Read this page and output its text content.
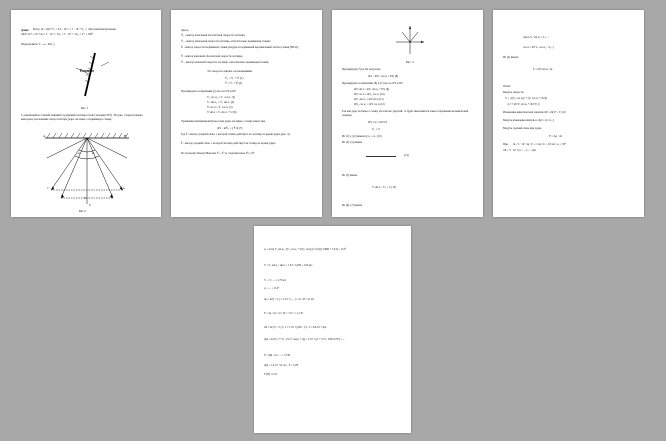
Дано: Растр, m = 5m* V₀ = 0,5 · 10⁻³ = 1 · 10⁻³ V₀ ; ; Эпц пометкиотдельные
ΔΕ/Σ, m* = 10⁻³ m = 5 · 10⁻³ ; Δv₀ = 5 · 10⁻³ ; Σν₀ = 2⁰' = 100⁰
Определить: С , ω , M ( )
Решение
Рис.1
С решающейся стенкой лишний соударений частицы стене (тележки 'БЭ') . На рис. 2 представлено векторное разложение скоростей при ударе частицы о подвижную стенку.
A	B
C
v	u
α	β
O
Рис.2
Здесь
V̄₀ - вектор начальной абсолютной скорости частицы;
V̄₁ - вектор начальной скорости частицы, относительно подвижной стенки;
Ū - вектор скорости подвижной стенки (модуль и подвижный вертикальный частиц стенки (НСО);
V̄ - вектор конечной абсолютной скорости частицы;
V̄ᵣ - вектор конечной скорости частицы, относительно подвижной стенки.
Это скорость связана соотношениями
V̄₀ = V̄₁ + Ū (1)
V̄ = V̄ᵣ + Ū (2)
Проецируем соотношения (1) на оси ОY и ОУ
V₀ cos α₀ = V₁ cos α₁ (3)
V₀ sin α₀ = V₁ sin α₁ (4)
V cos α = Vᵣ cos αᵣ (5)
V sin α = Vᵣ sin αᵣ + U (6)
Уравнение изменения импульса при ударе частицы о стенку имеет вид
mV̄ - mV̄₀ = ∫ F̄ dt (7)
Где F̄ - вектор средней силы, с которой стенка действует на частицу во время удара (рис. 3).
F̄ - вектор средней силы, с которой частица действует на стенку во время удара.
По третьему Закону Ньютона F̄ = -F̄' и, следовательно |F̄| = |F̄'|
Рис. 3
Проецируем (7) на Ох получаем
mV - mV₀ cos α = F∆t (8)
Проецируем соотношение (8) и (7) на ось ОY и ОУ
mV sin α = mV₀ sin α₀ + F∆t (9)
mV cos α = mV₀ cos α₀ (10)
mV₀ sin α₀ = mV sin α (11)
mV₀ cos α₀ = mV cos α (12)
Так как удар частицы о стенку абсолютно упругий, то будет выполняться закон сохранения механической энергии
mV₀²/2 = mV²/2
V₀ = V
Из (11), (12) имеем tg α₁ = α₂ (13)
Из (3), (5) имеем
(14)
Из (5) имеем
V sin αᵣ / V₀ = C (15)
Из (6), (7) имеем
Здесь V₀ sin α₀ / 2 = ...
cos α = 40 V₀ cos α₀ / √(...)
Из (5) имеем
F = mV sin α / Δt
Ответ:
Модуль скорости
V = √((V₀ cos α₀)² + (V₀ sin α₀ + 2U)²)
√(1 + 4U/V₀ sin α₀ + 4U²/V₀²)
Изменение кинетической энергии ΔE = m(V² - V₀²)/2
Модуль изменения импульса |Δp̄| = m √(...)
Модуль средней силы при ударе
F = Δp / Δt
При m = 5 · 10⁻³ кг, V₀ = 1 м/с, U = 0,5 м/с, α₀ = 30°
ΔE = 5 · 10⁻³ (1² - ...) = ... Дж
α₁ = arctg V₀ sin α₀ / (V₀ cos α₀ + 2U) = arctg (1·0,5)/(1·0,866 + 2·0,5) = 15,0°
V = V₀ sin α₀ / sin α = 1·0,5 / 0,259 = 1,93 м/с
V₁ = V₀ ... = 2,73 м/с
α₁ = ... = 15,0°
Δp = m(V - V₀) = 5·10⁻³ ( ... ) = 2,1·10⁻³ кг·м/с
F = Δp / Δt = 2,1·10⁻³ / 10⁻³ = 2,1 Н
ΔE = m (V² - V₀²) / 2 = 5·10⁻³(1,93² - 1²) / 2 = 6,8·10⁻³ Дж
|Δp̄| = m√(V₀² + V² - 2V₀V cos(α₀ + α)) = 5·10⁻³√(1 + 3,73 - 3,86·0,707) = ...
F = |Δp̄| / Δt = ... = 7,0 Н
|Δp̄| = 1,4·10⁻² кг·м/с , F = 14 Н
F (Н) = 0,75
